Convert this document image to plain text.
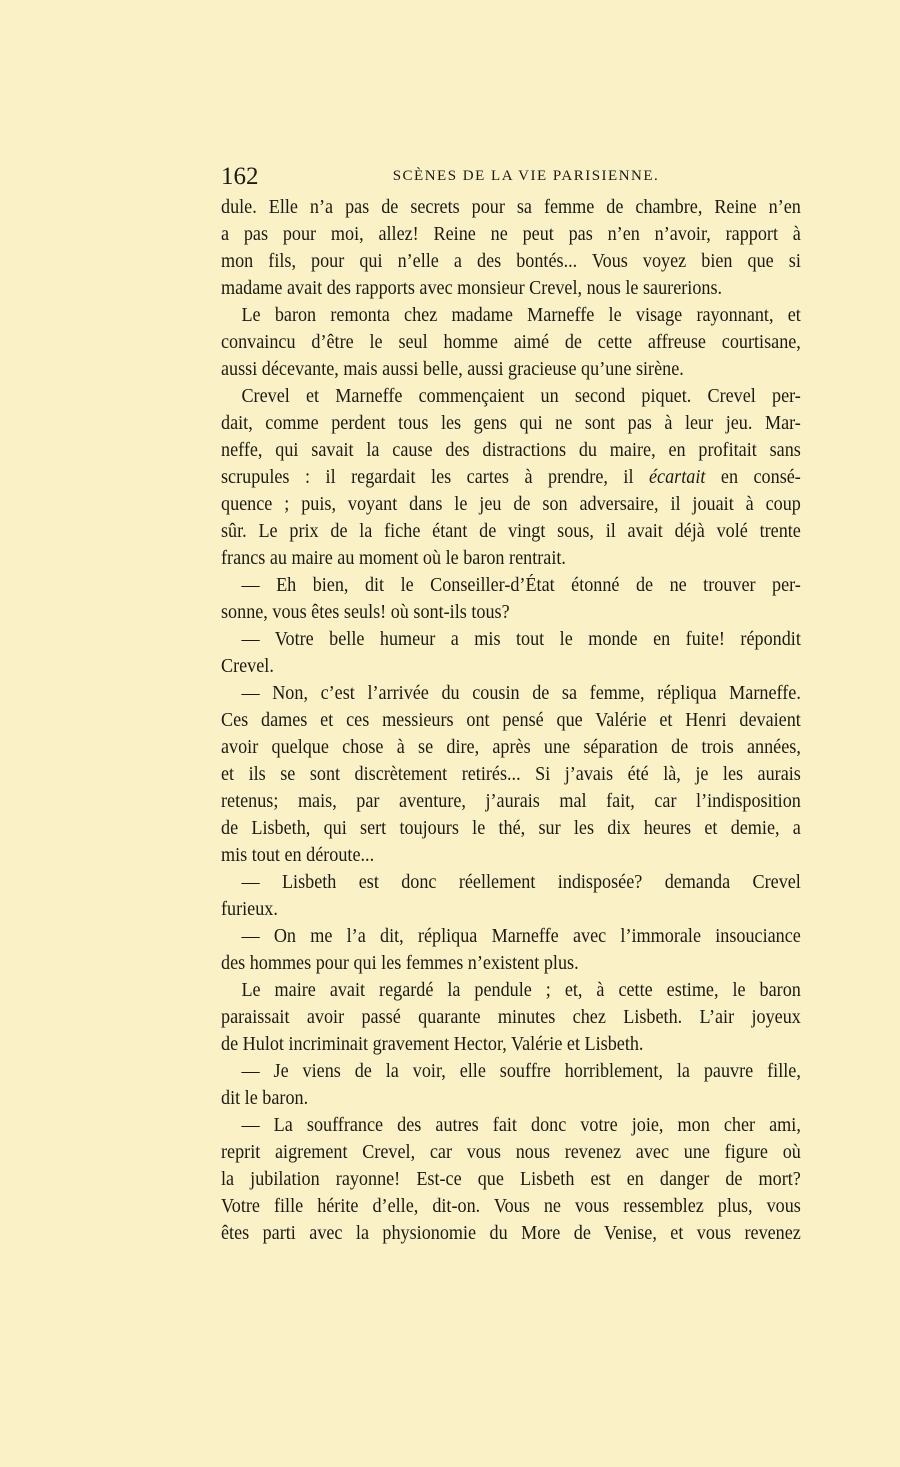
162	SCÈNES DE LA VIE PARISIENNE.
dule. Elle n’a pas de secrets pour sa femme de chambre, Reine n’en
a pas pour moi, allez! Reine ne peut pas n’en n’avoir, rapport à
mon fils, pour qui n’elle a des bontés... Vous voyez bien que si
madame avait des rapports avec monsieur Crevel, nous le saurerions.
Le baron remonta chez madame Marneffe le visage rayonnant, et
convaincu d’être le seul homme aimé de cette affreuse courtisane,
aussi décevante, mais aussi belle, aussi gracieuse qu’une sirène.
Crevel et Marneffe commençaient un second piquet. Crevel per-
dait, comme perdent tous les gens qui ne sont pas à leur jeu. Mar-
neffe, qui savait la cause des distractions du maire, en profitait sans
scrupules : il regardait les cartes à prendre, il écartait en consé-
quence ; puis, voyant dans le jeu de son adversaire, il jouait à coup
sûr. Le prix de la fiche étant de vingt sous, il avait déjà volé trente
francs au maire au moment où le baron rentrait.
— Eh bien, dit le Conseiller-d’État étonné de ne trouver per-
sonne, vous êtes seuls! où sont-ils tous?
— Votre belle humeur a mis tout le monde en fuite! répondit
Crevel.
— Non, c’est l’arrivée du cousin de sa femme, répliqua Marneffe.
Ces dames et ces messieurs ont pensé que Valérie et Henri devaient
avoir quelque chose à se dire, après une séparation de trois années,
et ils se sont discrètement retirés... Si j’avais été là, je les aurais
retenus; mais, par aventure, j’aurais mal fait, car l’indisposition
de Lisbeth, qui sert toujours le thé, sur les dix heures et demie, a
mis tout en déroute...
— Lisbeth est donc réellement indisposée? demanda Crevel
furieux.
— On me l’a dit, répliqua Marneffe avec l’immorale insouciance
des hommes pour qui les femmes n’existent plus.
Le maire avait regardé la pendule ; et, à cette estime, le baron
paraissait avoir passé quarante minutes chez Lisbeth. L’air joyeux
de Hulot incriminait gravement Hector, Valérie et Lisbeth.
— Je viens de la voir, elle souffre horriblement, la pauvre fille,
dit le baron.
— La souffrance des autres fait donc votre joie, mon cher ami,
reprit aigrement Crevel, car vous nous revenez avec une figure où
la jubilation rayonne! Est-ce que Lisbeth est en danger de mort?
Votre fille hérite d’elle, dit-on. Vous ne vous ressemblez plus, vous
êtes parti avec la physionomie du More de Venise, et vous revenez
